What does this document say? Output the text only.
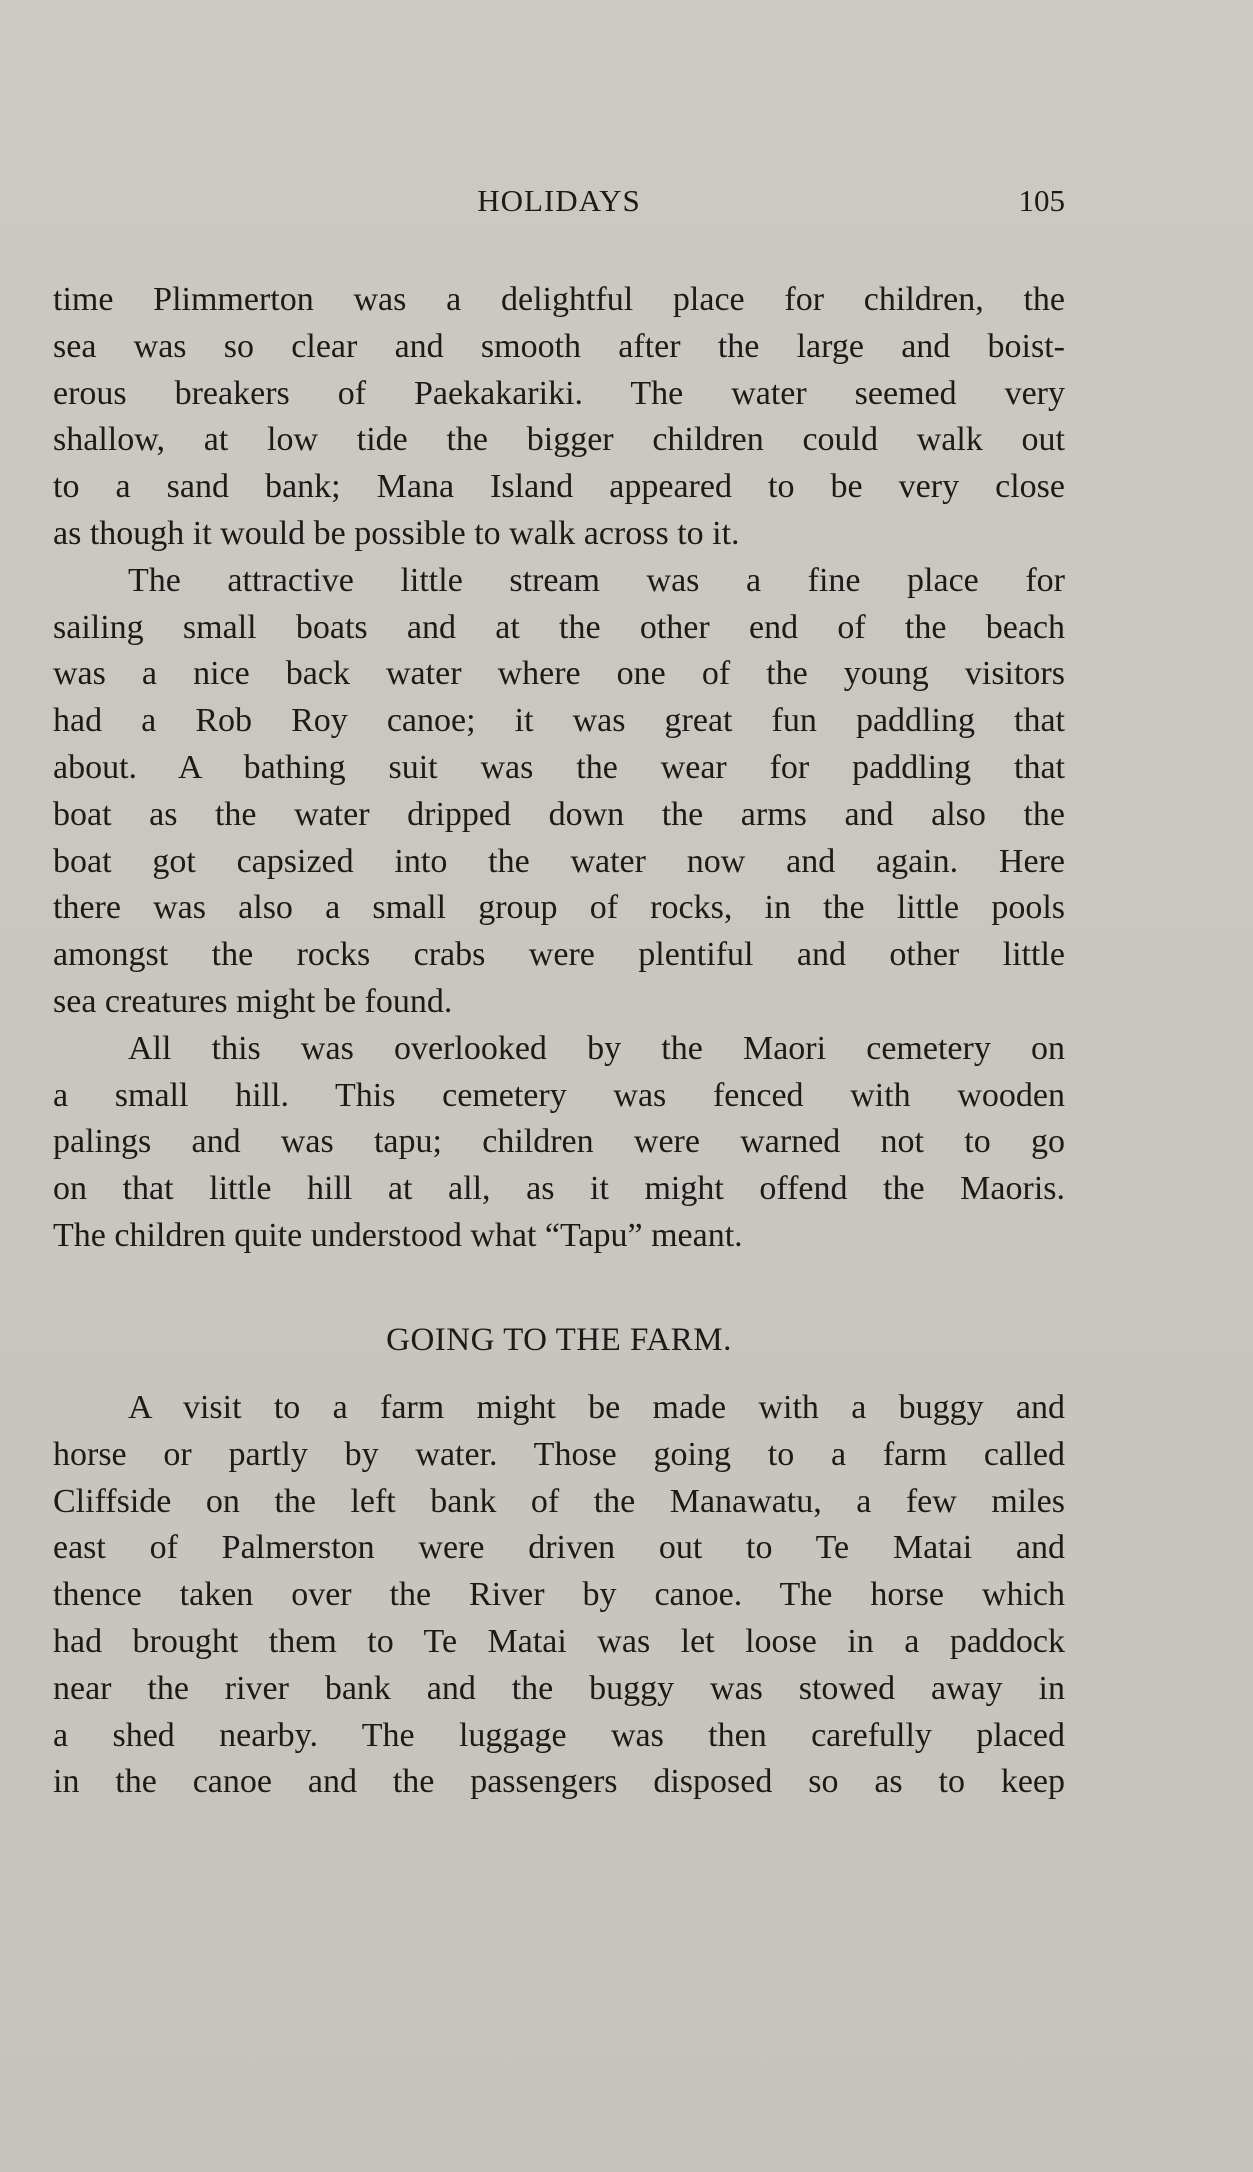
HOLIDAYS	105
time Plimmerton was a delightful place for children, the
sea was so clear and smooth after the large and boist-
erous breakers of Paekakariki. The water seemed very
shallow, at low tide the bigger children could walk out
to a sand bank; Mana Island appeared to be very close
as though it would be possible to walk across to it.
The attractive little stream was a fine place for
sailing small boats and at the other end of the beach
was a nice back water where one of the young visitors
had a Rob Roy canoe; it was great fun paddling that
about. A bathing suit was the wear for paddling that
boat as the water dripped down the arms and also the
boat got capsized into the water now and again. Here
there was also a small group of rocks, in the little pools
amongst the rocks crabs were plentiful and other little
sea creatures might be found.
All this was overlooked by the Maori cemetery on
a small hill. This cemetery was fenced with wooden
palings and was tapu; children were warned not to go
on that little hill at all, as it might offend the Maoris.
The children quite understood what “Tapu” meant.
GOING TO THE FARM.
A visit to a farm might be made with a buggy and
horse or partly by water. Those going to a farm called
Cliffside on the left bank of the Manawatu, a few miles
east of Palmerston were driven out to Te Matai and
thence taken over the River by canoe. The horse which
had brought them to Te Matai was let loose in a paddock
near the river bank and the buggy was stowed away in
a shed nearby. The luggage was then carefully placed
in the canoe and the passengers disposed so as to keep
